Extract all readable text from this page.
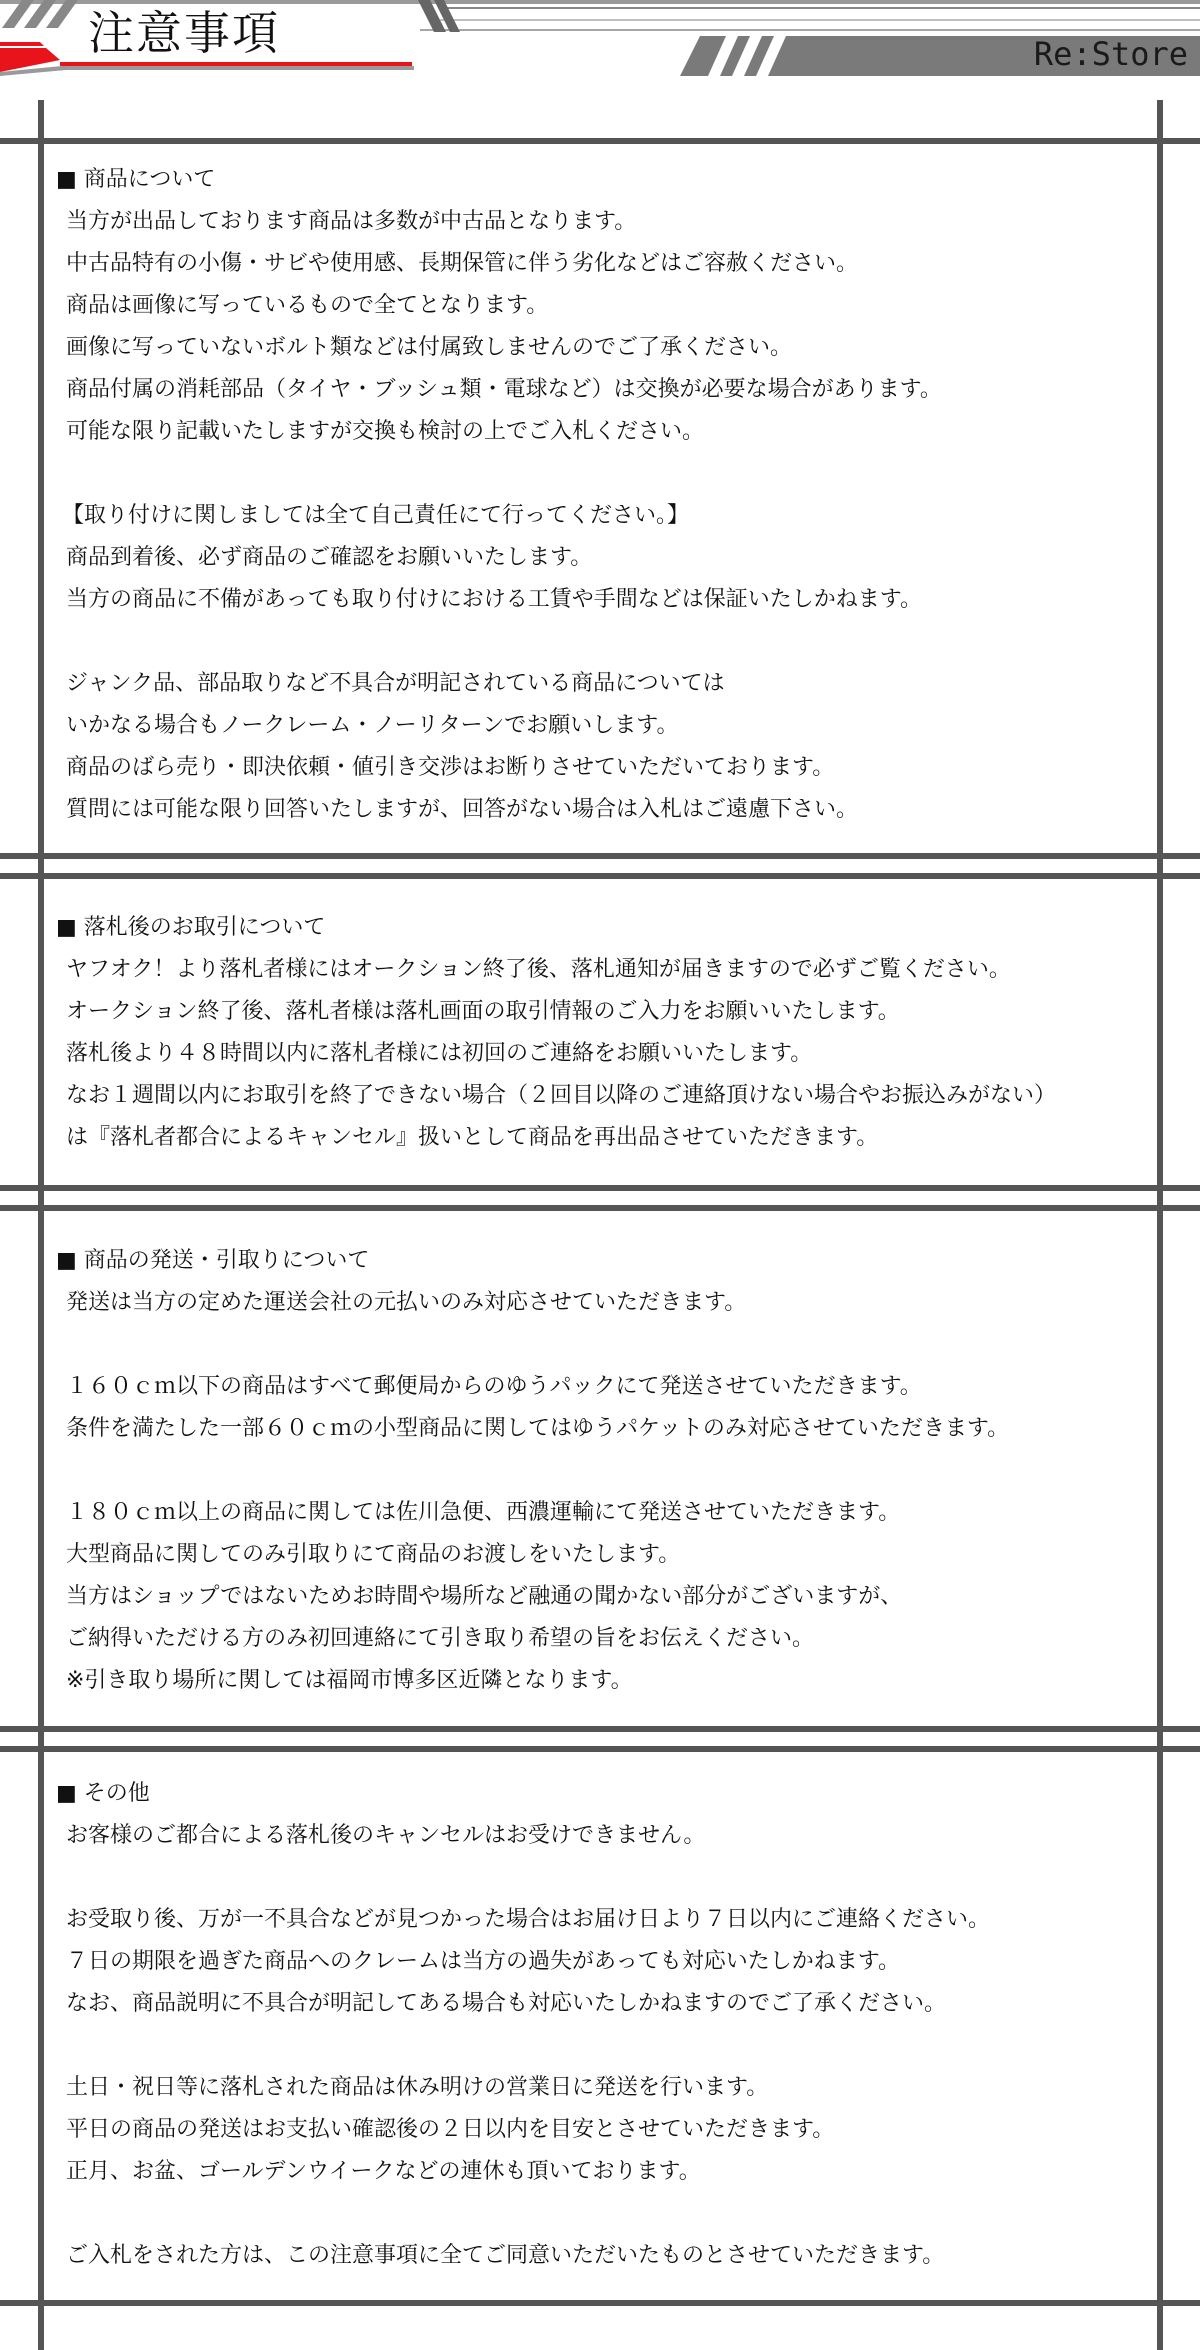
注意事項	Re:Store
■ 商品について
当方が出品しております商品は多数が中古品となります。
中古品特有の小傷・サビや使用感、長期保管に伴う劣化などはご容赦ください。
商品は画像に写っているもので全てとなります。
画像に写っていないボルト類などは付属致しませんのでご了承ください。
商品付属の消耗部品（タイヤ・ブッシュ類・電球など）は交換が必要な場合があります。
可能な限り記載いたしますが交換も検討の上でご入札ください。
【取り付けに関しましては全て自己責任にて行ってください。】
商品到着後、必ず商品のご確認をお願いいたします。
当方の商品に不備があっても取り付けにおける工賃や手間などは保証いたしかねます。
ジャンク品、部品取りなど不具合が明記されている商品については
いかなる場合もノークレーム・ノーリターンでお願いします。
商品のばら売り・即決依頼・値引き交渉はお断りさせていただいております。
質問には可能な限り回答いたしますが、回答がない場合は入札はご遠慮下さい。
■ 落札後のお取引について
ヤフオク！より落札者様にはオークション終了後、落札通知が届きますので必ずご覧ください。
オークション終了後、落札者様は落札画面の取引情報のご入力をお願いいたします。
落札後より４８時間以内に落札者様には初回のご連絡をお願いいたします。
なお１週間以内にお取引を終了できない場合（２回目以降のご連絡頂けない場合やお振込みがない）
は『落札者都合によるキャンセル』扱いとして商品を再出品させていただきます。
■ 商品の発送・引取りについて
発送は当方の定めた運送会社の元払いのみ対応させていただきます。
１６０ｃｍ以下の商品はすべて郵便局からのゆうパックにて発送させていただきます。
条件を満たした一部６０ｃｍの小型商品に関してはゆうパケットのみ対応させていただきます。
１８０ｃｍ以上の商品に関しては佐川急便、西濃運輸にて発送させていただきます。
大型商品に関してのみ引取りにて商品のお渡しをいたします。
当方はショップではないためお時間や場所など融通の聞かない部分がございますが、
ご納得いただける方のみ初回連絡にて引き取り希望の旨をお伝えください。
※引き取り場所に関しては福岡市博多区近隣となります。
■ その他
お客様のご都合による落札後のキャンセルはお受けできません。
お受取り後、万が一不具合などが見つかった場合はお届け日より７日以内にご連絡ください。
７日の期限を過ぎた商品へのクレームは当方の過失があっても対応いたしかねます。
なお、商品説明に不具合が明記してある場合も対応いたしかねますのでご了承ください。
土日・祝日等に落札された商品は休み明けの営業日に発送を行います。
平日の商品の発送はお支払い確認後の２日以内を目安とさせていただきます。
正月、お盆、ゴールデンウイークなどの連休も頂いております。
ご入札をされた方は、この注意事項に全てご同意いただいたものとさせていただきます。
